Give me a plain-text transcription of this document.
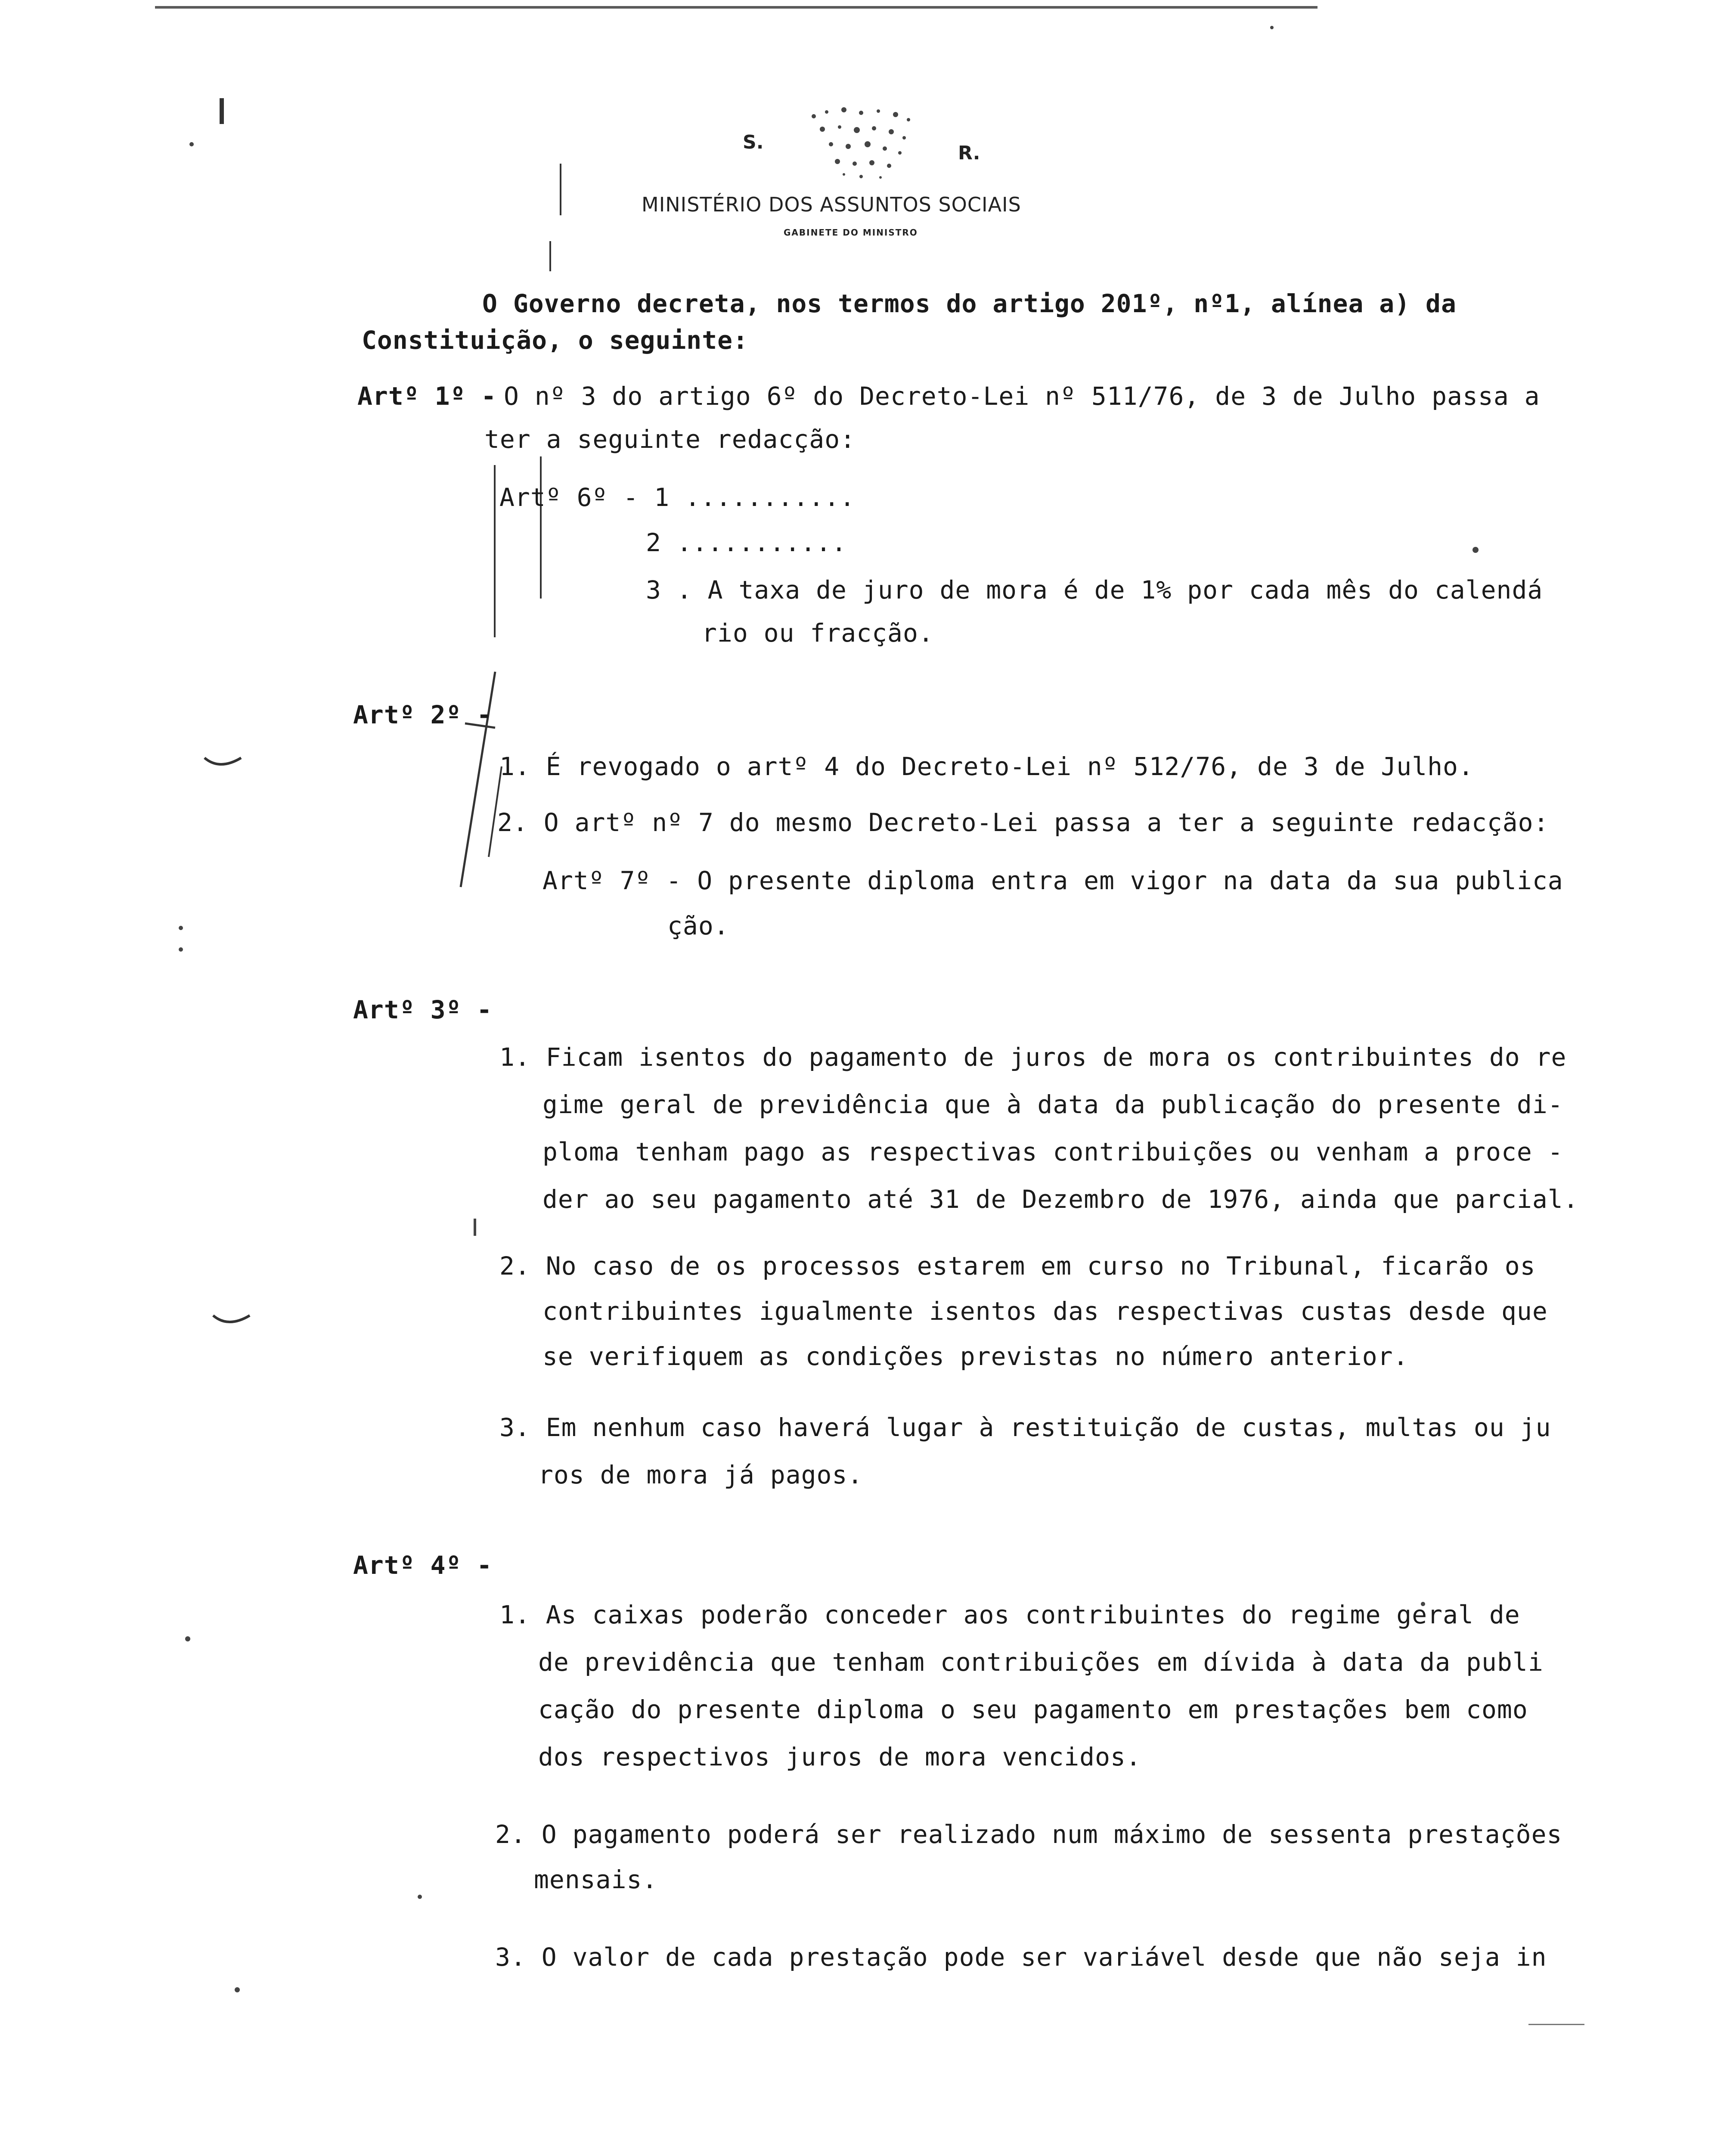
S.	R.
MINISTÉRIO DOS ASSUNTOS SOCIAIS
GABINETE DO MINISTRO
O Governo decreta, nos termos do artigo 201º, nº1, alínea a) da
Constituição, o seguinte:
Artº 1º - O nº 3 do artigo 6º do Decreto-Lei nº 511/76, de 3 de Julho passa a
ter a seguinte redacção:
Artº 6º - 1 ...........
2 ...........
3 . A taxa de juro de mora é de 1% por cada mês do calendá
rio ou fracção.
Artº 2º -
1. É revogado o artº 4 do Decreto-Lei nº 512/76, de 3 de Julho.
2. O artº nº 7 do mesmo Decreto-Lei passa a ter a seguinte redacção:
Artº 7º - O presente diploma entra em vigor na data da sua publica
ção.
Artº 3º -
1. Ficam isentos do pagamento de juros de mora os contribuintes do re
gime geral de previdência que à data da publicação do presente di-
ploma tenham pago as respectivas contribuições ou venham a proce -
der ao seu pagamento até 31 de Dezembro de 1976, ainda que parcial.
2. No caso de os processos estarem em curso no Tribunal, ficarão os
contribuintes igualmente isentos das respectivas custas desde que
se verifiquem as condições previstas no número anterior.
3. Em nenhum caso haverá lugar à restituição de custas, multas ou ju
ros de mora já pagos.
Artº 4º -
1. As caixas poderão conceder aos contribuintes do regime geral de
de previdência que tenham contribuições em dívida à data da publi
cação do presente diploma o seu pagamento em prestações bem como
dos respectivos juros de mora vencidos.
2. O pagamento poderá ser realizado num máximo de sessenta prestações
mensais.
3. O valor de cada prestação pode ser variável desde que não seja in
